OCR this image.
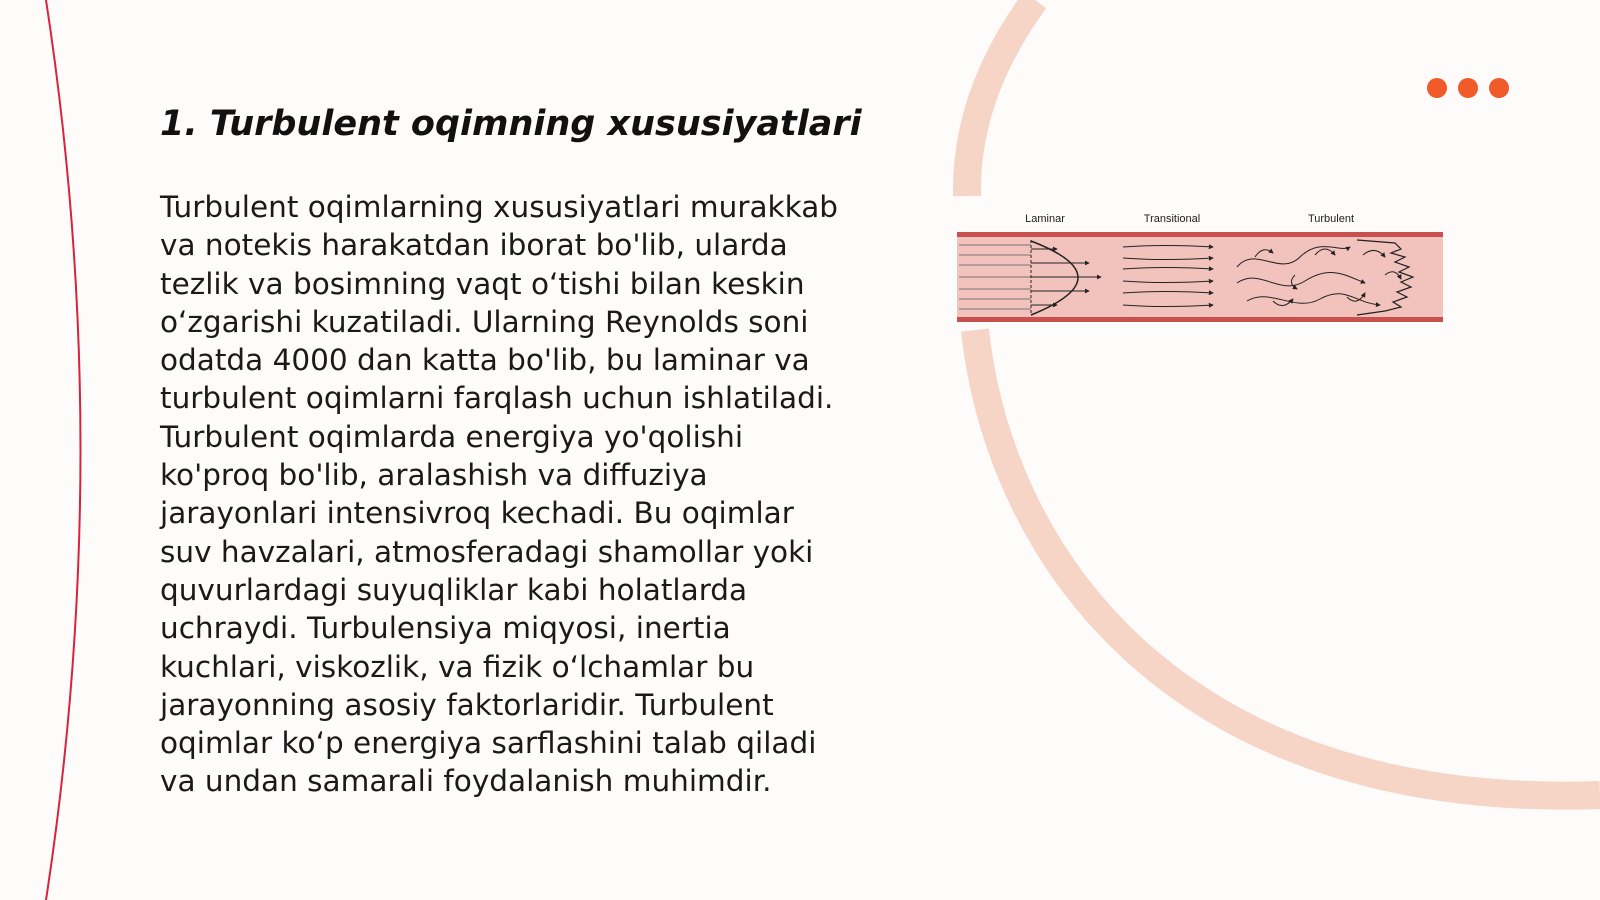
1. Turbulent oqimning xususiyatlari

Turbulent oqimlarning xususiyatlari murakkab va notekis harakatdan iborat bo'lib, ularda tezlik va bosimning vaqt o‘tishi bilan keskin o‘zgarishi kuzatiladi. Ularning Reynolds soni odatda 4000 dan katta bo'lib, bu laminar va turbulent oqimlarni farqlash uchun ishlatiladi. Turbulent oqimlarda energiya yo'qolishi ko'proq bo'lib, aralashish va diffuziya jarayonlari intensivroq kechadi. Bu oqimlar suv havzalari, atmosferadagi shamollar yoki quvurlardagi suyuqliklar kabi holatlarda uchraydi. Turbulensiya miqyosi, inertia kuchlari, viskozlik, va fizik o‘lchamlar bu jarayonning asosiy faktorlaridir. Turbulent oqimlar ko‘p energiya sarflashini talab qiladi va undan samarali foydalanish muhimdir.

Laminar	Transitional	Turbulent
